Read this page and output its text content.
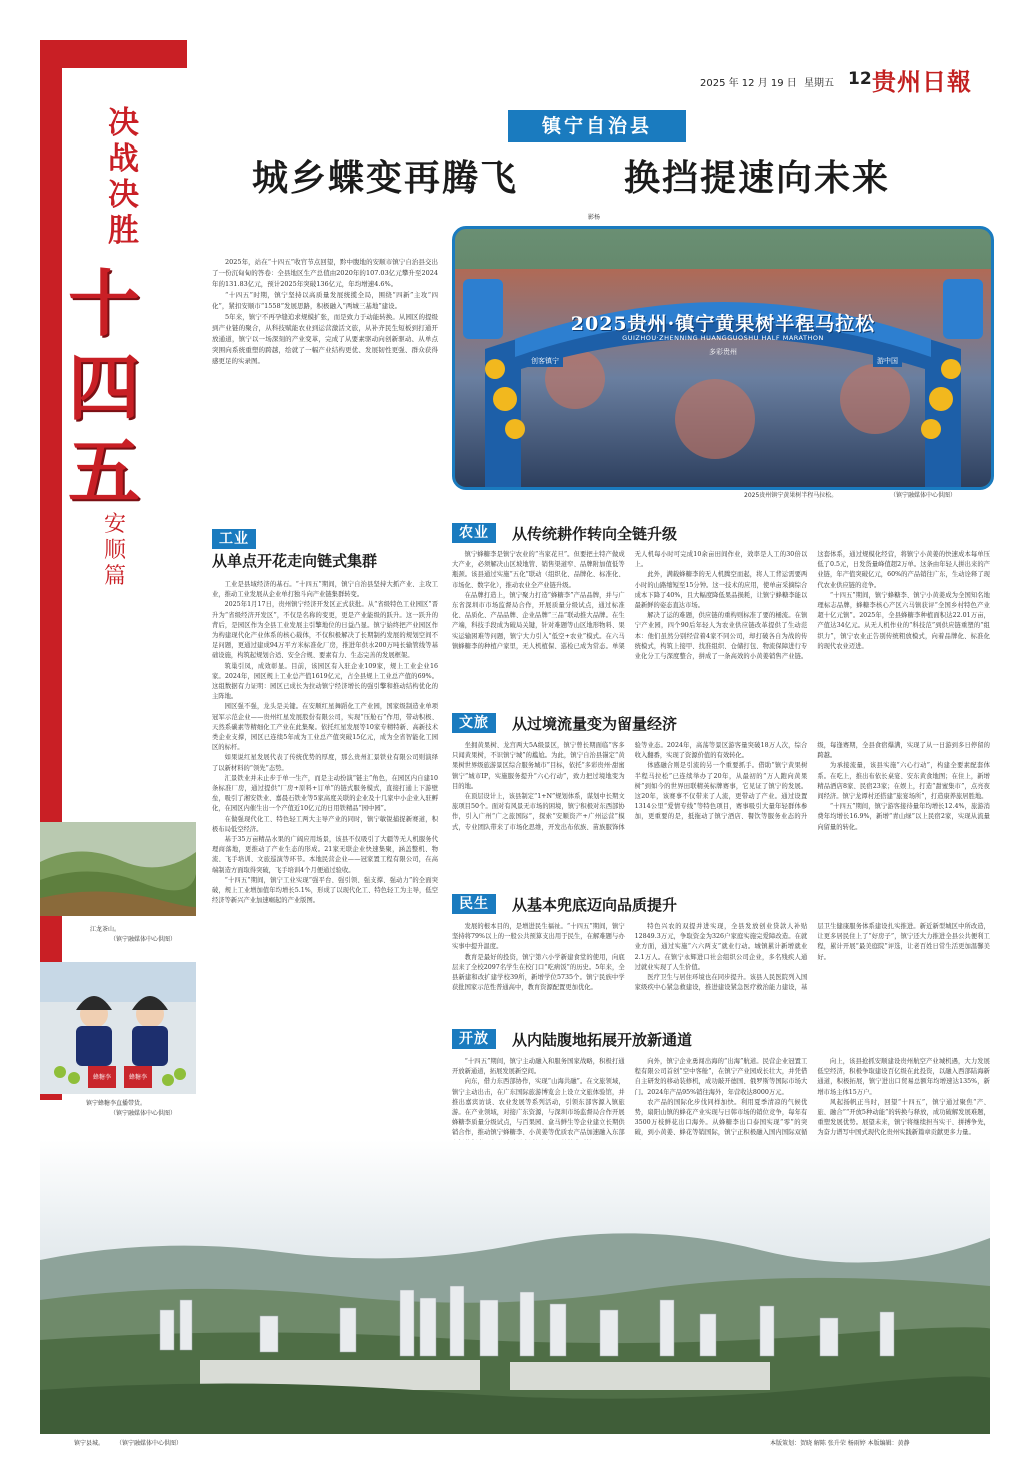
2025 年 12 月 19 日 星期五 12 贵州日報
决战决胜
十四五
安顺篇
镇宁自治县
城乡蝶变再腾飞	换挡提速向未来
影杨

2025年，站在“十四五”收官节点回望，黔中腹地的安顺市镇宁自治县交出了一份沉甸甸的答卷：全县地区生产总值由2020年的107.03亿元攀升至2024年的131.83亿元，预计2025年突破136亿元，年均增速4.6%。

“十四五”时期，镇宁坚持以高质量发展统揽全局，围绕“四新”主攻“四化”，紧扣安顺市“1558”发展思路，积极融入“两城三基地”建设。

5年来，镇宁不再孕缝追求规模扩张，而是致力于动能转换。从园区的提级到产业链的聚合，从科技赋能农业到运营激活文旅，从补齐民生短板到打通开放通道，镇宁以一场深刻的产业变革，完成了从要素驱动向创新驱动、从单点突围向系统重塑的跨越，绘就了一幅产业结构更优、发展韧性更强、群众获得感更足的实录图。

2025贵州·镇宁黄果树半程马拉松
GUIZHOU·ZHENNING HUANGGUOSHU HALF MARATHON
多彩贵州
创客镇宁	游中国
2025贵州镇宁黄果树半程马拉松。	（镇宁融媒体中心供图）
工业
从单点开花走向链式集群

工业是县域经济的基石。“十四五”期间，镇宁自治县坚持大抓产业、主攻工业，推动工业发展从企业单打独斗向产业链集群转变。

2025年1月17日，贵州镇宁经济开发区正式获批。从“省级特色工业园区”晋升为“省级经济开发区”，不仅是名称的变更，更是产业能级的跃升。这一跃升的背后，是园区作为全县工业发展主引擎地位的日益凸显。镇宁始终把产业园区作为构建现代化产业体系的核心载体，不仅积极解决了长期制约发展的规划空间不足问题，更通过建成94万平方米标准化厂房，推进年供水200万吨长输管线等基础设施，构筑起规划合适、安全合规、要素有力、生态完善的发展框架。

筑巢引凤，成效彰显。目前，该园区有入驻企业109家，规上工业企业16家。2024年，园区规上工业总产值1619亿元，占全县规上工业总产值的69%。这组数据有力证明：园区已成长为拉动镇宁经济增长的强引擎和推动结构优化的主阵地。

园区强不强，龙头是关键。在安顺红星舞蹈化工产业园，国家级制造业单项冠军示范企业——贵州红星发展股份有限公司，实现“压舱石”作用，带动积极、天然系碳素等精细化工产业在此集聚。依托红星发展等10家专精特新、高新技术类企业支撑，园区已连续5年成为工业总产值突破15亿元，成为全省智能化工园区的标杆。

如果说红星发展代表了传统优势的厚度，那么贵州汇景铁业有限公司则演绎了以新材料的“领先”态势。

汇景铁业并未止步于单一生产，而是主动扮演“链主”角色，在园区内自建10条标准厂房，通过提供“厂房+原料+订单”的链式服务模式，直接打通上下游壁垒，吸引了湘安铁业、嘉晨石铁业等5家高度关联的企业及十几家中小企业入驻孵化，在园区内催生出一个产值近10亿元的日用铁精品“园中园”。

在做强现代化工、特色轻工两大主导产业的同时，镇宁敏锐捕捉新赛道，积极布局低空经济。

基于35万亩精品水果的广阔应用场景，该县不仅吸引了大疆等无人机服务代理商落地，更推动了产业生态的形成。21家无联企业快速集聚，涵盖整机、物流、飞手培训、文旅巡演等环节。本地民营企业——冠家置工程有限公司，在高端制造方面取得突破，飞手培训4个月便通过验收。

“十四五”期间，镇宁工业实现“强平台、强引领、强支撑、强动力”的全面突破，规上工业增加值年均增长5.1%，形成了以现代化工、特色轻工为主导，低空经济等新兴产业加速崛起的产业版图。

江龙茶山。
（镇宁融媒体中心供图）
蜂糖李	蜂糖李
镇宁蜂糖李直播带货。
（镇宁融媒体中心供图）
农业	从传统耕作转向全链升级

镇宁蜂糖李是镇宁农业的“当家花旦”。但要把土特产做成大产业，必须解决山区坡地管、销售渠道窄、品牌附加值低等瓶颈。该县通过实施“五化”联动（组织化、品牌化、标准化、市场化、数字化），推动农业全产业链升级。

在品牌打造上，镇宁聚力打造“蜂糖李”产品品牌，并与广东省深圳市市场监督局合作，开展质量分级试点，通过标准化、品质化、产品品牌、企业品牌“三品”联动推大品牌。在生产端，科技手段成为破局关键，针对难题等山区地形物料、果实运输困难等问题，镇宁大力引入“低空+农业”模式。在六马镇蜂糖李的种植户家里，无人机植保、巡检已成为常态。单架无人机每小时可完成10余亩田间作业，效率是人工的30倍以上。

此外，满载蜂糖李的无人机腾空而起，将人工背运需要两小时的山路缩短至15分钟。这一技术的应用，使单亩采摘综合成本下降了40%，且大幅度降低果品损耗，让镇宁蜂糖李能以最新鲜的姿态直达市场。

解决了运的难题，供应链的重构则标准了要的桶流。在镇宁产业园，四个90后年轻人为农业供应链改革提供了生动范本：他们虽然分别经营着4家不同公司，却打破各自为战的传统模式，构筑上接甲、找准组织、仓储打包、物流保障进行专业化分工与深度整合，拼成了一条高效的小黄姜销售产业链。这套体系，通过规模化经营，将镇宁小黄姜的快速成本每单压低了0.5元，日发货量峰值超2万单。这条由年轻人拼出来的产业链，年产值突破亿元，60%的产品销往广东，生动诠释了现代农业供应链的竞争。

“十四五”期间，镇宁蜂糖李、镇宁小黄姜成为全国知名地理标志品牌，蜂糖李核心产区六马镇获评“全国乡村特色产业超十亿元镇”。2025年，全县蜂糖李种植面积达22.01万亩，产值达34亿元。从无人机作业的“科技范”到供应链重塑的“组织力”，镇宁农业正告别传统粗放模式，向着品牌化、标准化的现代农业迈进。

文旅	从过境流量变为留量经济

坐拥黄果树、龙宫两大5A级景区，镇宁曾长期面临“客多只闻黄果树，不识镇宁城”的尴尬。为此，镇宁自治县锚定“黄果树世界级旅游景区综合服务城市”目标，依托“多彩贵州·甜蜜镇宁”城市IP，实施服务提升“六心行动”，致力把过境地变为目的地。

在顶层设计上，该县制定“1+N”规划体系，谋划中长期文旅项目50个。面对有风景无市场的困境，镇宁积极对东西部协作，引入广州“广之旅国际”，探索“安顺资产+广州运营”模式，专业团队带来了市场化思维，开发出布依族、苗族服饰体验等业态。2024年，高荡等景区游客量突破18万人次，综合收入翻番，实现了资源价值的有效转化。

体感融合则是引流的另一个重要抓手。借助“镇宁黄果树半程马拉松”已连续举办了20年，从最初的“万人跑向黄果树”到如今的世界田联精英标牌赛事，它见证了镇宁的发展。这20年，该赛事不仅带来了人流，更带动了产业。通过设置1314公里“爱情专线”等特色项目，赛事吸引大量年轻群体参加，更重要的是，抵拖动了镇宁酒店、餐饮等服务业态的升级，每逢赛期，全县食宿爆满，实现了从一日游到多日停留的跨越。

为承接流量，该县实施“六心行动”，构建全要素配套体系。在吃上，推出布依长桌宴、安东黄食地图；在住上，新增精品酒店8家、民宿23家；在娱上，打造“甜蜜集市”，点亮夜间经济。镇宁龙谭村还搭建“旅宴场所”，打造康养旅居胜地。

“十四五”期间，镇宁游客接待量年均增长12.4%，旅游消费年均增长16.9%，新增“青山绿”以上民宿2家，实现从流量向留量的转化。

民生	从基本兜底迈向品质提升

发展的根本目的，是增进民生福祉。“十四五”期间，镇宁坚持将79%以上的一般公共预算支出用于民生，在解难题与办实事中提升温度。

教育是最好的投资，镇宁第六小学新建食堂的使用，向底层来了全校2097名学生在校门口“吃病饭”的历史。5年来，全县新建和改扩建学校39所，新增学位5735个。镇宁民族中学获批国家示范性普通高中，教育资源配置更加优化。

特色兴农的双提并进实现，全县发放创业贷款人补贴12849.3万元，争取资金为326户家庭实施完爱障改造。在就业方面，通过实施“六六两支”就业行动。城镇累计新增就业2.1万人。在镇宁永辉进口社会组织公司企业，多名残疾人通过就业实现了人生价值。

医疗卫生与居住环境也在同步提升。该县人民医院列入国家级疾中心紧急救建设，推进建设紧急医疗救治能力建设，基层卫生健康服务体系建设扎实推进。新近新型城区中所改造，让更多居民住上了“好房子”，镇宁还大力推进全县公共便利工程，累计开展“最美庭院”评选，让老百姓日常生活更加温馨美好。

开放	从内陆腹地拓展开放新通道

“十四五”期间，镇宁主动融入和服务国家战略，积极打通开放新通道，拓展发展新空间。

向东，借力东西部协作，实现“山海共融”。在文旅领域，镇宁主动出击，在广东国际旅游博览会上设立文旅体验馆，并推出嘉宾访谈、农业发展等系列活动，引领东部客源入镇旅游。在产业领域，对接广东资源，与深圳市场监督局合作开展蜂糖李质量分级试点，与百果园、盒马鲜生等企业建立长期供销合作，推动镇宁蜂糖李、小黄姜等优质农产品加速融入东部

向外，镇宁企业勇闯出海的“出海”航道。民营企业冠置工程有限公司首创“空中客舱”，在镇宁产业园成长壮大，并凭借自主研发的移动装修机，成功敲开德国、俄罗斯等国际市场大门。2024年产品95%销往海外，年营收达8000万元。

农产品的国际化步伐同样加快。利用夏季清凉的气候优势，扇阳山镇的蜂花产业实现与日韩市场的销位竞争，每年有3500万枝鲜花出口海外。从蜂糖李出口泰国实现“零”的突破，到小黄姜、蜂花等销国际，镇宁正积极融入国内国际双循

向上，该县抢抓安顺建设贵州航空产业城机遇，大力发展低空经济，积极争取建设百亿级在此投资，以融入西部陆海新通道，积极拓展，镇宁进出口贸易总额年均增速达135%，新增市场主体15万户。

风起扬帆正当时，回望“十四五”，镇宁通过聚焦“产、旅、融合”“开放5种动能”的转换与释放，成功破解发展难题，重塑发展优势。展望未来，镇宁将继续担当实干、拼搏争先，为奋力谱写中国式现代化贵州实践新篇章贡献更多力量。

镇宁县城。 （镇宁融媒体中心供图）	本版策划：贺晓 解陈 张升荣 杨雨婷 本版编辑：黄静
